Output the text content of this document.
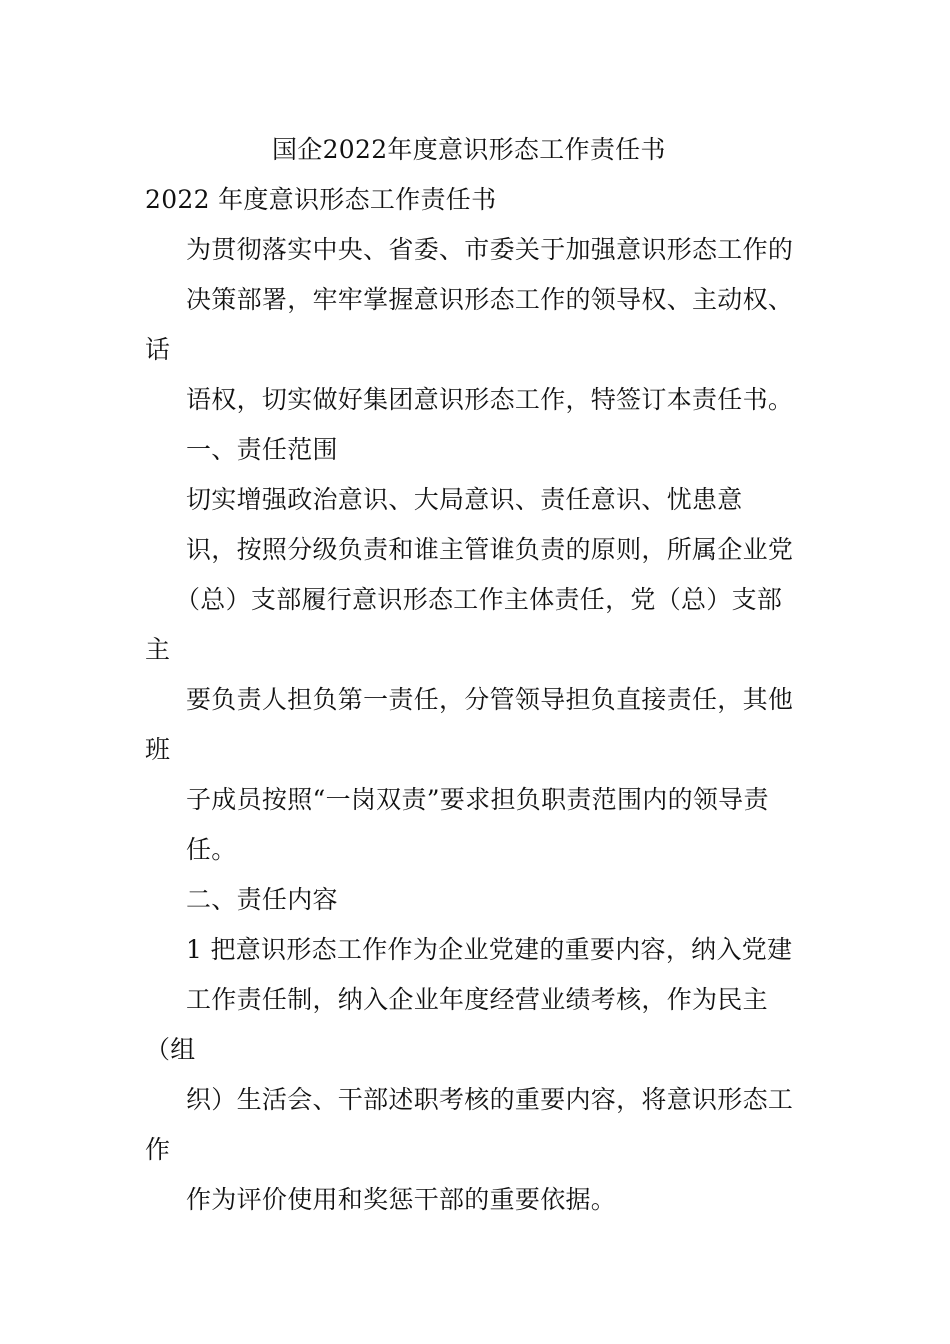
国企2022年度意识形态工作责任书
2022 年度意识形态工作责任书
为贯彻落实中央、省委、市委关于加强意识形态工作的
决策部署，牢牢掌握意识形态工作的领导权、主动权、
话
语权，切实做好集团意识形态工作，特签订本责任书。
一、责任范围
切实增强政治意识、大局意识、责任意识、忧患意
识，按照分级负责和谁主管谁负责的原则，所属企业党
（总）支部履行意识形态工作主体责任，党（总）支部
主
要负责人担负第一责任，分管领导担负直接责任，其他
班
子成员按照“一岗双责”要求担负职责范围内的领导责
任。
二、责任内容
1 把意识形态工作作为企业党建的重要内容，纳入党建
工作责任制，纳入企业年度经营业绩考核，作为民主
（组
织）生活会、干部述职考核的重要内容，将意识形态工
作
作为评价使用和奖惩干部的重要依据。
